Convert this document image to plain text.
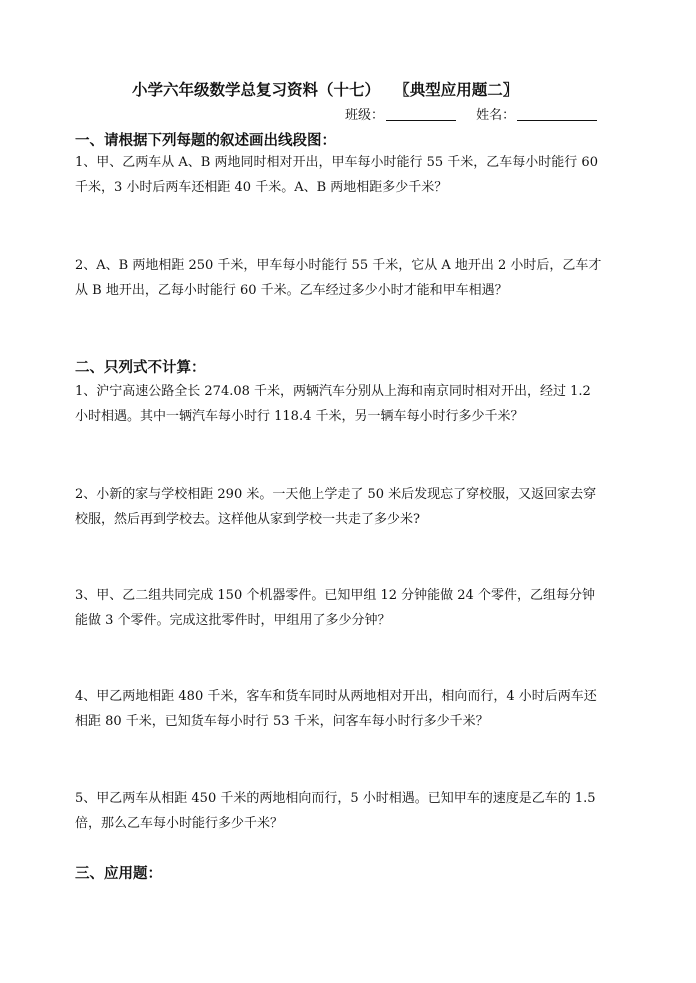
小学六年级数学总复习资料（十七） 〖典型应用题二〗
班级：	姓名：
一、请根据下列每题的叙述画出线段图：
1、甲、乙两车从 A、B 两地同时相对开出，甲车每小时能行 55 千米，乙车每小时能行 60
千米，3 小时后两车还相距 40 千米。A、B 两地相距多少千米？
2、A、B 两地相距 250 千米，甲车每小时能行 55 千米，它从 A 地开出 2 小时后，乙车才
从 B 地开出，乙每小时能行 60 千米。乙车经过多少小时才能和甲车相遇？
二、只列式不计算：
1、沪宁高速公路全长 274.08 千米，两辆汽车分别从上海和南京同时相对开出，经过 1.2
小时相遇。其中一辆汽车每小时行 118.4 千米，另一辆车每小时行多少千米？
2、小新的家与学校相距 290 米。一天他上学走了 50 米后发现忘了穿校服，又返回家去穿
校服，然后再到学校去。这样他从家到学校一共走了多少米?
3、甲、乙二组共同完成 150 个机器零件。已知甲组 12 分钟能做 24 个零件，乙组每分钟
能做 3 个零件。完成这批零件时，甲组用了多少分钟？
4、甲乙两地相距 480 千米，客车和货车同时从两地相对开出，相向而行，4 小时后两车还
相距 80 千米，已知货车每小时行 53 千米，问客车每小时行多少千米？
5、甲乙两车从相距 450 千米的两地相向而行，5 小时相遇。已知甲车的速度是乙车的 1.5
倍，那么乙车每小时能行多少千米？
三、应用题：
